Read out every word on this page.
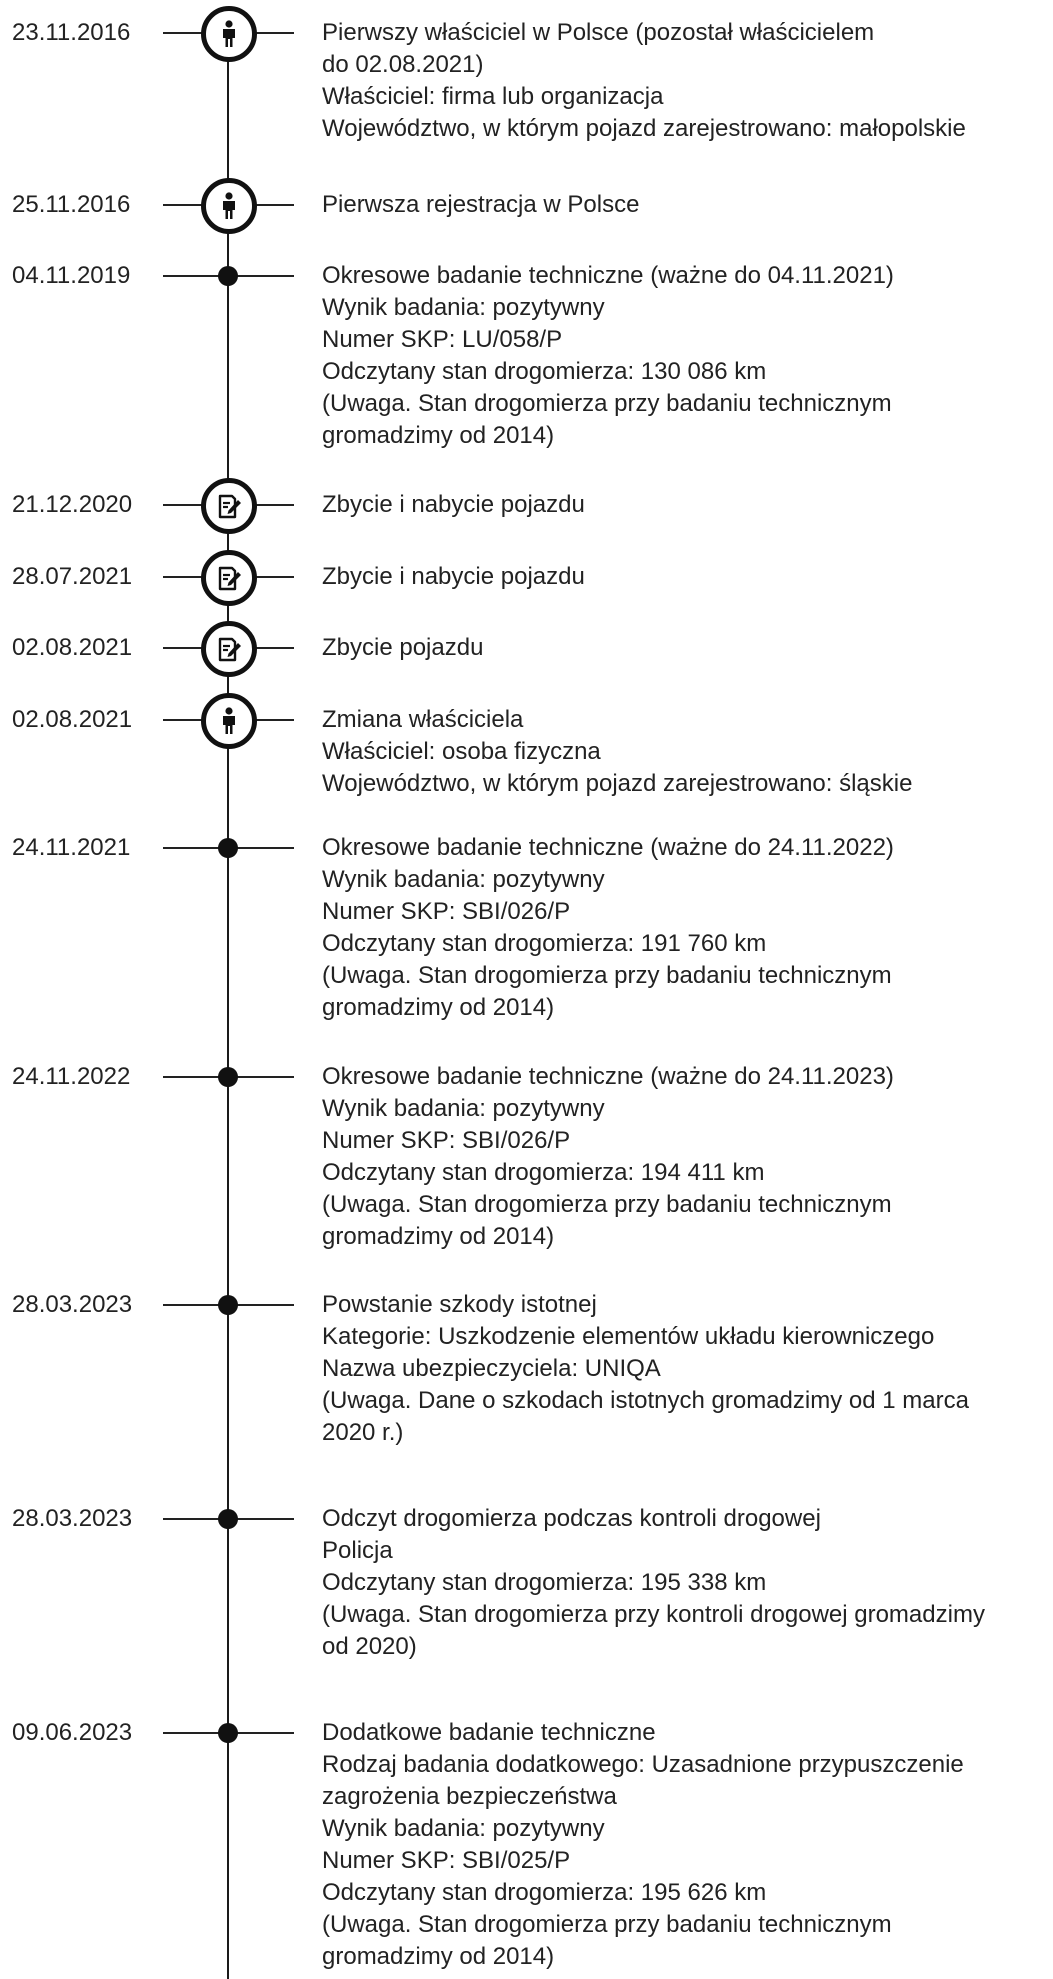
23.11.2016	Pierwszy właściciel w Polsce (pozostał właścicielem
do 02.08.2021)
Właściciel: firma lub organizacja
Województwo, w którym pojazd zarejestrowano: małopolskie
25.11.2016	Pierwsza rejestracja w Polsce
04.11.2019	Okresowe badanie techniczne (ważne do 04.11.2021)
Wynik badania: pozytywny
Numer SKP: LU/058/P
Odczytany stan drogomierza: 130 086 km
(Uwaga. Stan drogomierza przy badaniu technicznym
gromadzimy od 2014)
21.12.2020	Zbycie i nabycie pojazdu
28.07.2021	Zbycie i nabycie pojazdu
02.08.2021	Zbycie pojazdu
02.08.2021	Zmiana właściciela
Właściciel: osoba fizyczna
Województwo, w którym pojazd zarejestrowano: śląskie
24.11.2021	Okresowe badanie techniczne (ważne do 24.11.2022)
Wynik badania: pozytywny
Numer SKP: SBI/026/P
Odczytany stan drogomierza: 191 760 km
(Uwaga. Stan drogomierza przy badaniu technicznym
gromadzimy od 2014)
24.11.2022	Okresowe badanie techniczne (ważne do 24.11.2023)
Wynik badania: pozytywny
Numer SKP: SBI/026/P
Odczytany stan drogomierza: 194 411 km
(Uwaga. Stan drogomierza przy badaniu technicznym
gromadzimy od 2014)
28.03.2023	Powstanie szkody istotnej
Kategorie: Uszkodzenie elementów układu kierowniczego
Nazwa ubezpieczyciela: UNIQA
(Uwaga. Dane o szkodach istotnych gromadzimy od 1 marca
2020 r.)
28.03.2023	Odczyt drogomierza podczas kontroli drogowej
Policja
Odczytany stan drogomierza: 195 338 km
(Uwaga. Stan drogomierza przy kontroli drogowej gromadzimy
od 2020)
09.06.2023	Dodatkowe badanie techniczne
Rodzaj badania dodatkowego: Uzasadnione przypuszczenie
zagrożenia bezpieczeństwa
Wynik badania: pozytywny
Numer SKP: SBI/025/P
Odczytany stan drogomierza: 195 626 km
(Uwaga. Stan drogomierza przy badaniu technicznym
gromadzimy od 2014)
